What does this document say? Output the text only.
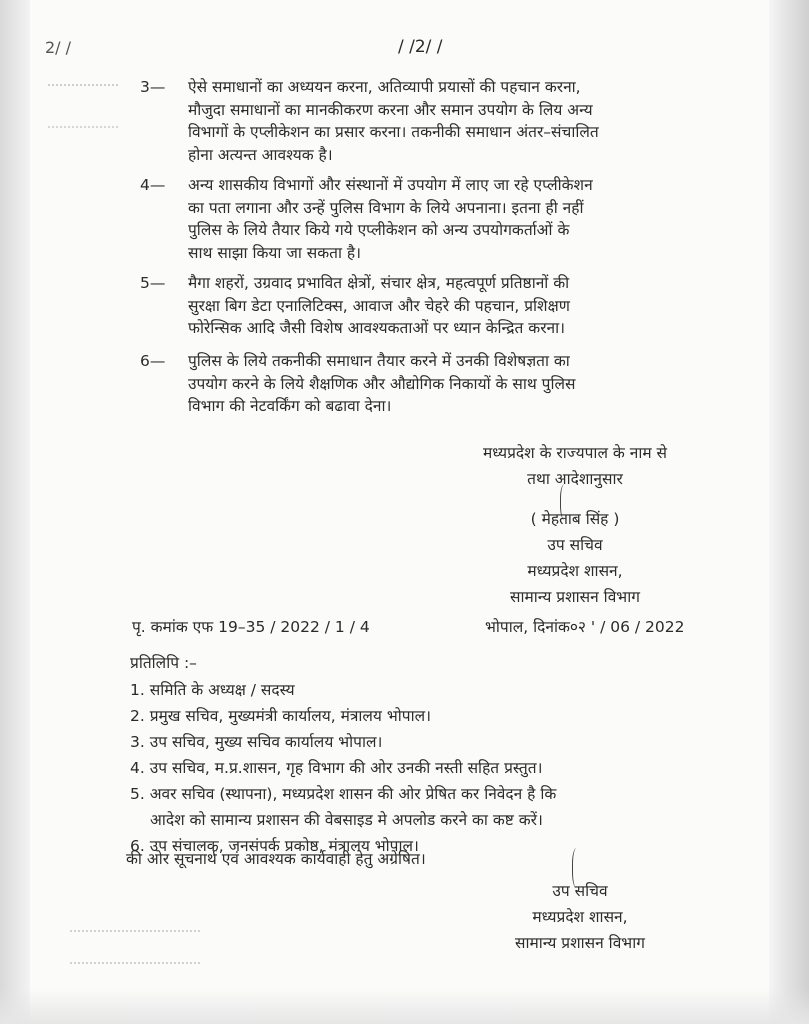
2/ /	/ /2/ /
3— ऐसे समाधानों का अध्ययन करना, अतिव्यापी प्रयासों की पहचान करना,
मौजुदा समाधानों का मानकीकरण करना और समान उपयोग के लिय अन्य
विभागों के एप्लीकेशन का प्रसार करना। तकनीकी समाधान अंतर–संचालित
होना अत्यन्त आवश्यक है।
4— अन्य शासकीय विभागों और संस्थानों में उपयोग में लाए जा रहे एप्लीकेशन
का पता लगाना और उन्हें पुलिस विभाग के लिये अपनाना। इतना ही नहीं
पुलिस के लिये तैयार किये गये एप्लीकेशन को अन्य उपयोगकर्ताओं के
साथ साझा किया जा सकता है।
5— मैगा शहरों, उग्रवाद प्रभावित क्षेत्रों, संचार क्षेत्र, महत्वपूर्ण प्रतिष्ठानों की
सुरक्षा बिग डेटा एनालिटिक्स, आवाज और चेहरे की पहचान, प्रशिक्षण
फोरेन्सिक आदि जैसी विशेष आवश्यकताओं पर ध्यान केन्द्रित करना।
6— पुलिस के लिये तकनीकी समाधान तैयार करने में उनकी विशेषज्ञता का
उपयोग करने के लिये शैक्षणिक और औद्योगिक निकायों के साथ पुलिस
विभाग की नेटवर्किंग को बढावा देना।
मध्यप्रदेश के राज्यपाल के नाम से
तथा आदेशानुसार
( मेहताब सिंह )
उप सचिव
मध्यप्रदेश शासन,
सामान्य प्रशासन विभाग
पृ. कमांक एफ 19–35 / 2022 / 1 / 4	भोपाल, दिनांक०२ ' / 06 / 2022
प्रतिलिपि :–
1. समिति के अध्यक्ष / सदस्य
2. प्रमुख सचिव, मुख्यमंत्री कार्यालय, मंत्रालय भोपाल।
3. उप सचिव, मुख्य सचिव कार्यालय भोपाल।
4. उप सचिव, म.प्र.शासन, गृह विभाग की ओर उनकी नस्ती सहित प्रस्तुत।
5. अवर सचिव (स्थापना), मध्यप्रदेश शासन की ओर प्रेषित कर निवेदन है कि
आदेश को सामान्य प्रशासन की वेबसाइड मे अपलोड करने का कष्ट करें।
6. उप संचालक, जनसंपर्क प्रकोष्ठ, मंत्रालय भोपाल।
की ओर सूचनार्थ एवं आवश्यक कार्यवाही हेतु अग्रेषित।
उप सचिव
मध्यप्रदेश शासन,
सामान्य प्रशासन विभाग
